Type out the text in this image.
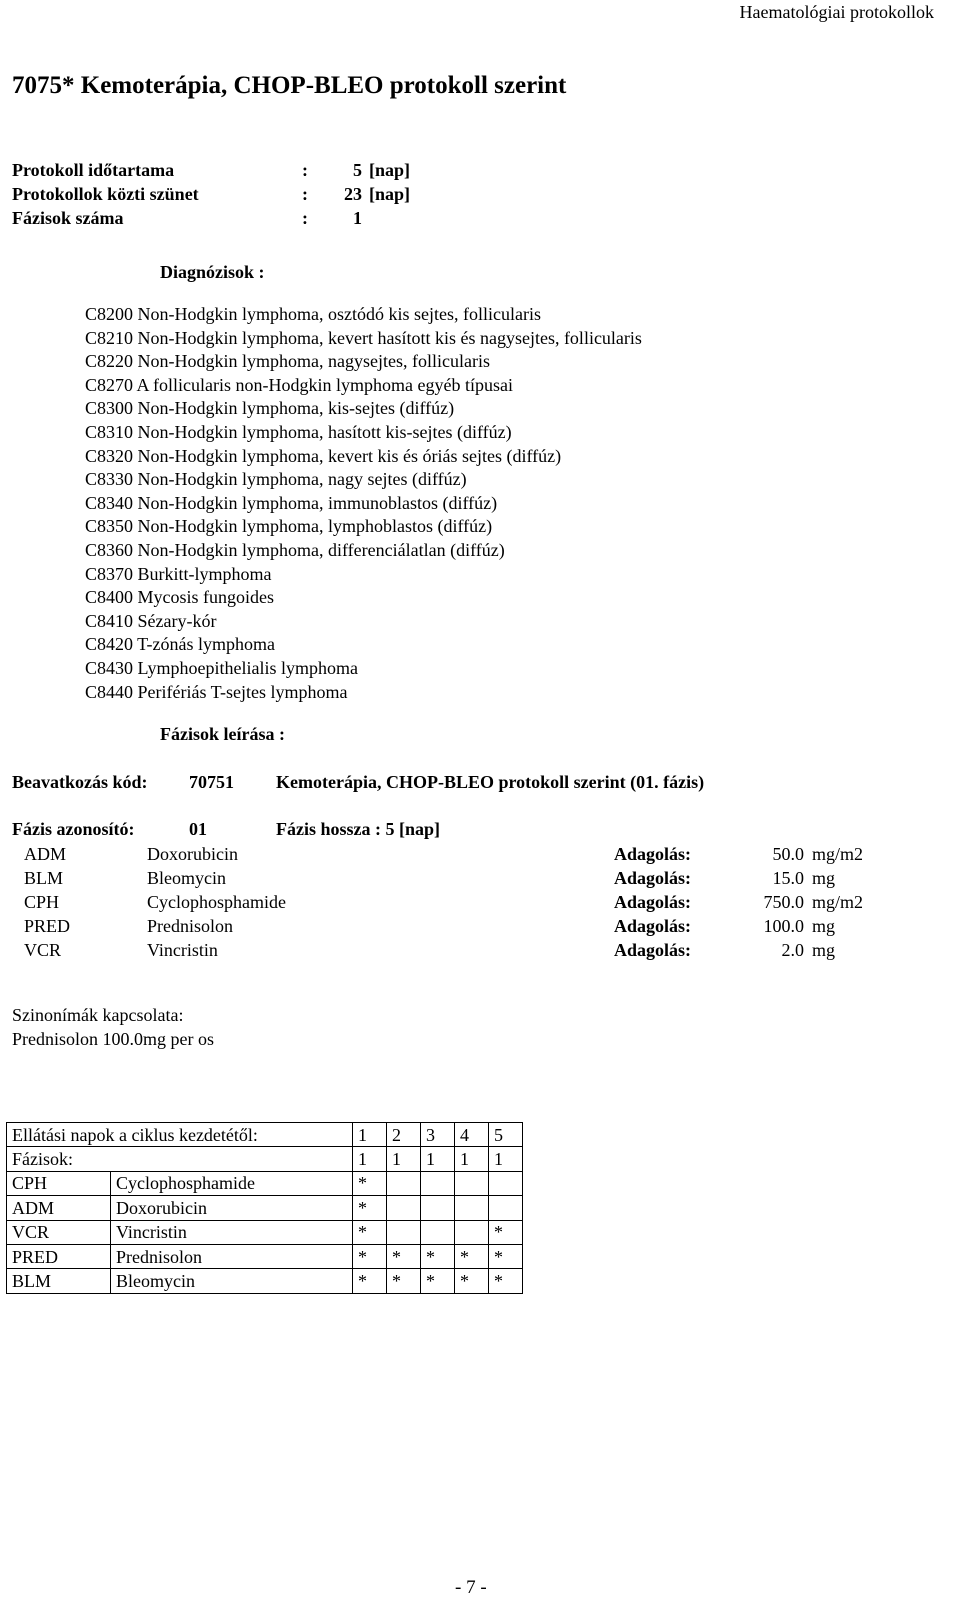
Haematológiai protokollok
7075* Kemoterápia, CHOP-BLEO protokoll szerint
Protokoll időtartama	:	5 [nap]
Protokollok közti szünet	:	23 [nap]
Fázisok száma	:	1
Diagnózisok :
C8200 Non-Hodgkin lymphoma, osztódó kis sejtes, follicularis
C8210 Non-Hodgkin lymphoma, kevert hasított kis és nagysejtes, follicularis
C8220 Non-Hodgkin lymphoma, nagysejtes, follicularis
C8270 A follicularis non-Hodgkin lymphoma egyéb típusai
C8300 Non-Hodgkin lymphoma, kis-sejtes (diffúz)
C8310 Non-Hodgkin lymphoma, hasított kis-sejtes (diffúz)
C8320 Non-Hodgkin lymphoma, kevert kis és óriás sejtes (diffúz)
C8330 Non-Hodgkin lymphoma, nagy sejtes (diffúz)
C8340 Non-Hodgkin lymphoma, immunoblastos (diffúz)
C8350 Non-Hodgkin lymphoma, lymphoblastos (diffúz)
C8360 Non-Hodgkin lymphoma, differenciálatlan (diffúz)
C8370 Burkitt-lymphoma
C8400 Mycosis fungoides
C8410 Sézary-kór
C8420 T-zónás lymphoma
C8430 Lymphoepithelialis lymphoma
C8440 Perifériás T-sejtes lymphoma
Fázisok leírása :
Beavatkozás kód: 70751 Kemoterápia, CHOP-BLEO protokoll szerint (01. fázis)
Fázis azonosító:	01	Fázis hossza : 5 [nap]
ADM	Doxorubicin	Adagolás:	50.0	mg/m2
BLM	Bleomycin	Adagolás:	15.0	mg
CPH	Cyclophosphamide	Adagolás:	750.0	mg/m2
PRED	Prednisolon	Adagolás:	100.0	mg
VCR	Vincristin	Adagolás:	2.0	mg
Szinonímák kapcsolata:
Prednisolon 100.0mg per os
Ellátási napok a ciklus kezdetétől:		1	2	3	4	5
Fázisok:		1	1	1	1	1
CPH	Cyclophosphamide	*				
ADM	Doxorubicin	*				
VCR	Vincristin	*				*
PRED	Prednisolon	*	*	*	*	*
BLM	Bleomycin	*	*	*	*	*
- 7 -
